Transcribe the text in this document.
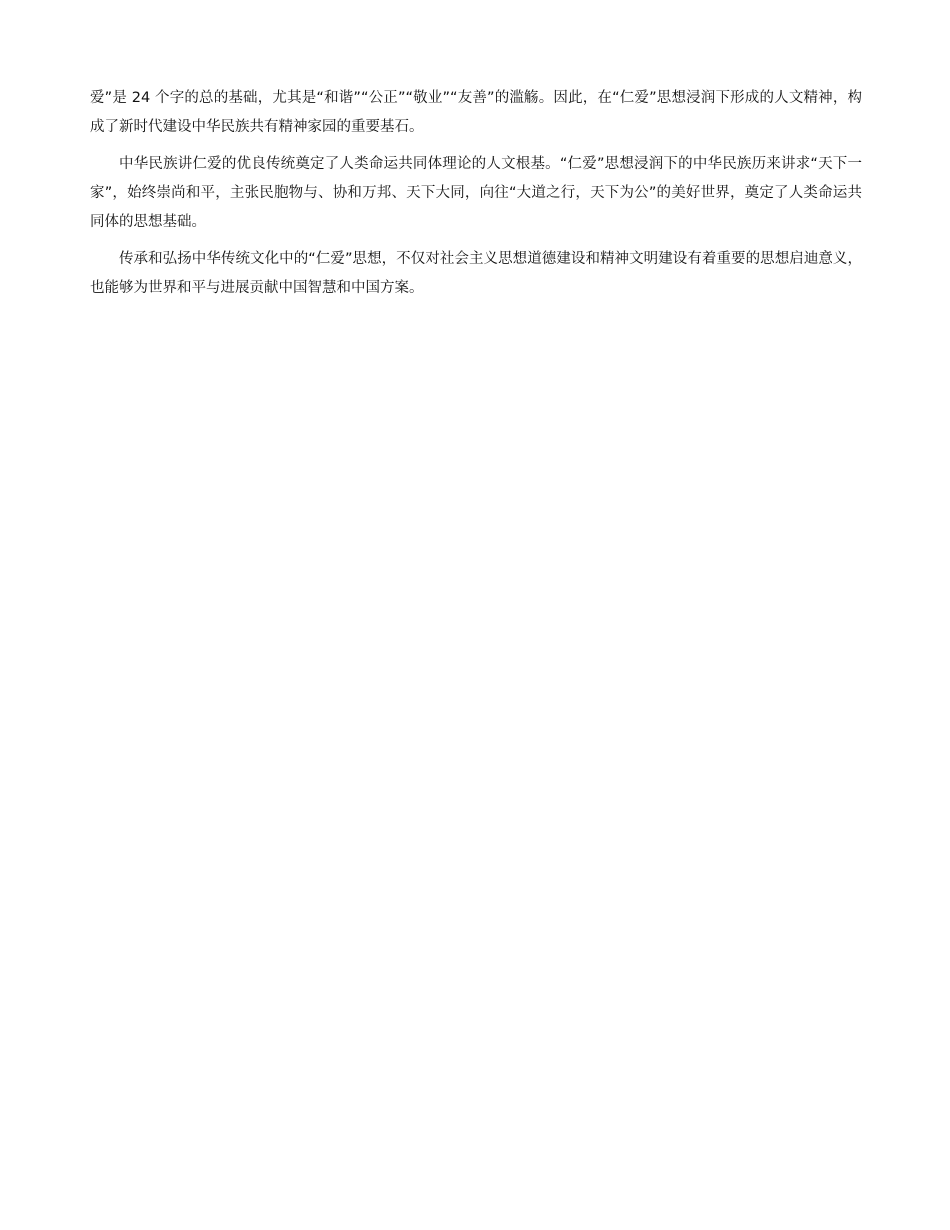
爱”是 24 个字的总的基础，尤其是“和谐”“公正”“敬业”“友善”的滥觞。因此，在“仁爱”思想浸润下形成的人文精神，构成了新时代建设中华民族共有精神家园的重要基石。

中华民族讲仁爱的优良传统奠定了人类命运共同体理论的人文根基。“仁爱”思想浸润下的中华民族历来讲求“天下一家”，始终崇尚和平，主张民胞物与、协和万邦、天下大同，向往“大道之行，天下为公”的美好世界，奠定了人类命运共同体的思想基础。

传承和弘扬中华传统文化中的“仁爱”思想，不仅对社会主义思想道德建设和精神文明建设有着重要的思想启迪意义，也能够为世界和平与进展贡献中国智慧和中国方案。
